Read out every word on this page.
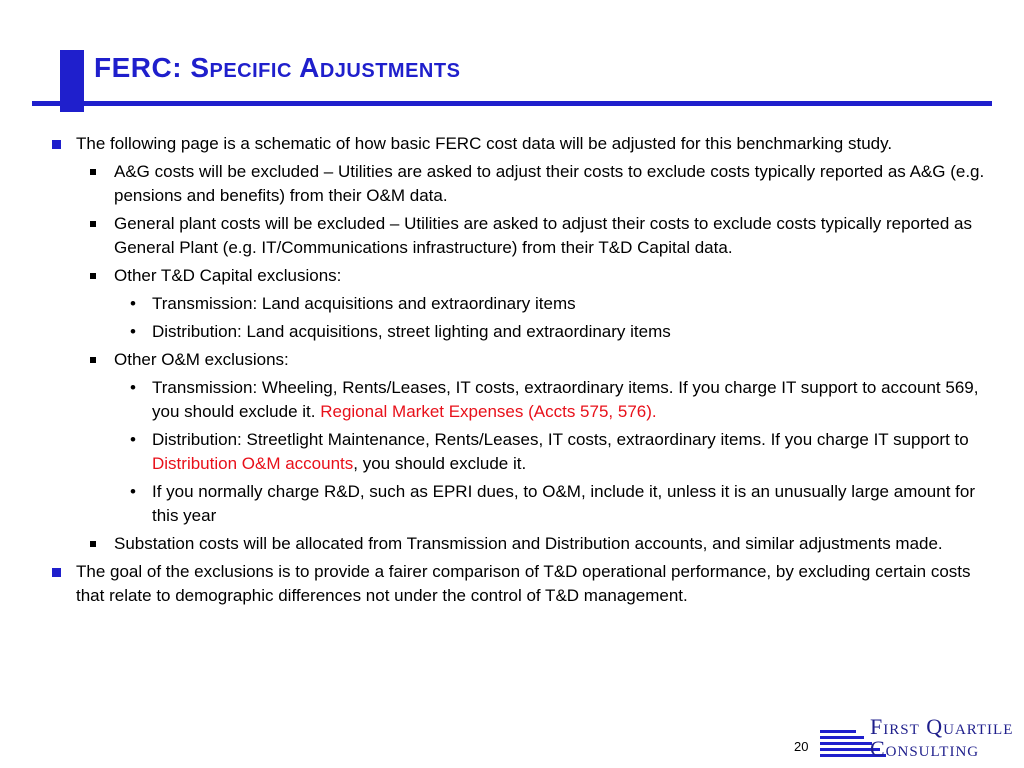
FERC: Specific Adjustments
The following page is a schematic of how basic FERC cost data will be adjusted for this benchmarking study.
A&G costs will be excluded – Utilities are asked to adjust their costs to exclude costs typically reported as A&G (e.g. pensions and benefits) from their O&M data.
General plant costs will be excluded – Utilities are asked to adjust their costs to exclude costs typically reported as General Plant (e.g. IT/Communications infrastructure) from their T&D Capital data.
Other T&D Capital exclusions:
• Transmission: Land acquisitions and extraordinary items
• Distribution: Land acquisitions, street lighting and extraordinary items
Other O&M exclusions:
• Transmission: Wheeling, Rents/Leases, IT costs, extraordinary items. If you charge IT support to account 569, you should exclude it. Regional Market Expenses (Accts 575, 576).
• Distribution: Streetlight Maintenance, Rents/Leases, IT costs, extraordinary items. If you charge IT support to Distribution O&M accounts, you should exclude it.
• If you normally charge R&D, such as EPRI dues, to O&M, include it, unless it is an unusually large amount for this year
Substation costs will be allocated from Transmission and Distribution accounts, and similar adjustments made.
The goal of the exclusions is to provide a fairer comparison of T&D operational performance, by excluding certain costs that relate to demographic differences not under the control of T&D management.
20
First Quartile
Consulting
